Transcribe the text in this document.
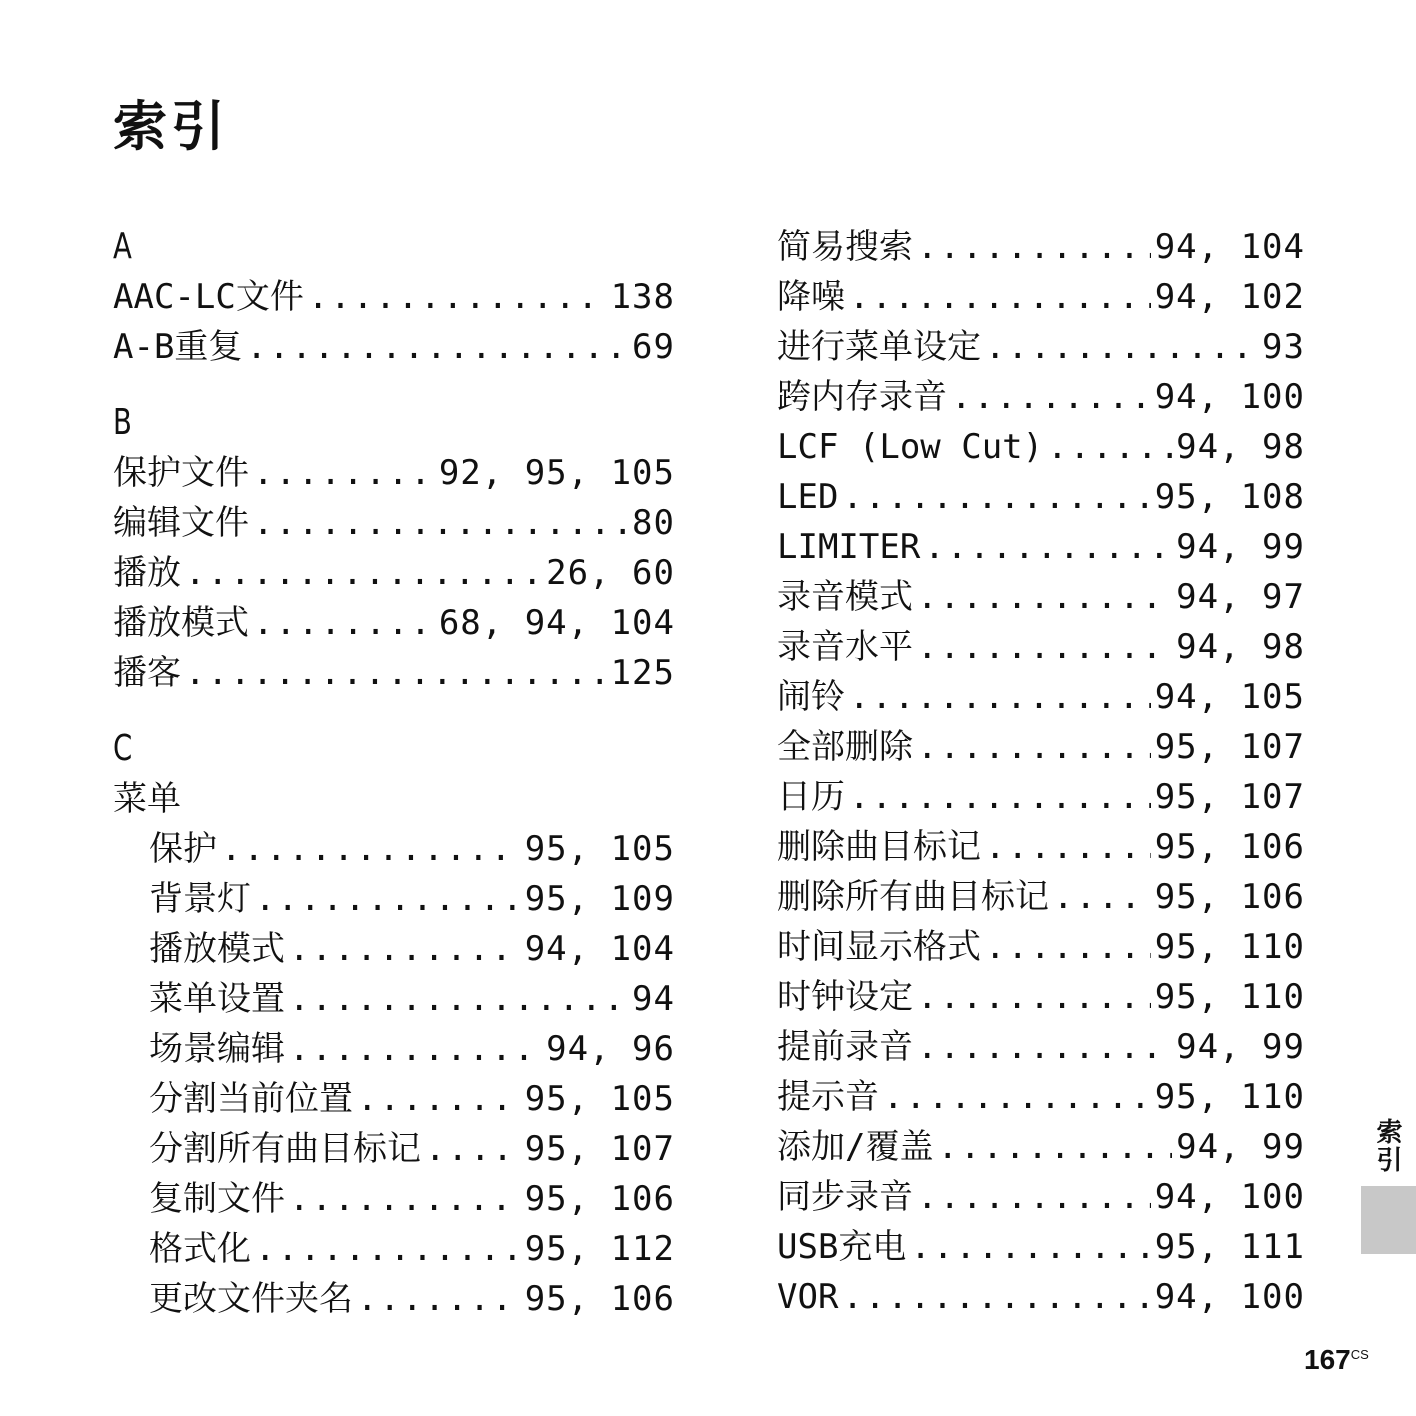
索引
A
AAC-LC文件 .....	138
A-B重复 .....	69
B
保护文件 .....	92, 95, 105
编辑文件 .....	80
播放 .....	26, 60
播放模式 .....	68, 94, 104
播客 .....	125
C
菜单
保护 .....	95, 105
背景灯 .....	95, 109
播放模式 .....	94, 104
菜单设置 .....	94
场景编辑 .....	94, 96
分割当前位置 .....	95, 105
分割所有曲目标记 .....	95, 107
复制文件 .....	95, 106
格式化 .....	95, 112
更改文件夹名 .....	95, 106
简易搜索 .....	94, 104
降噪 .....	94, 102
进行菜单设定 .....	93
跨内存录音 .....	94, 100
LCF (Low Cut) .....	94, 98
LED .....	95, 108
LIMITER .....	94, 99
录音模式 .....	94, 97
录音水平 .....	94, 98
闹铃 .....	94, 105
全部删除 .....	95, 107
日历 .....	95, 107
删除曲目标记 .....	95, 106
删除所有曲目标记 .....	95, 106
时间显示格式 .....	95, 110
时钟设定 .....	95, 110
提前录音 .....	94, 99
提示音 .....	95, 110
添加/覆盖 .....	94, 99
同步录音 .....	94, 100
USB充电 .....	95, 111
VOR .....	94, 100
索引
$167^{CS}$
